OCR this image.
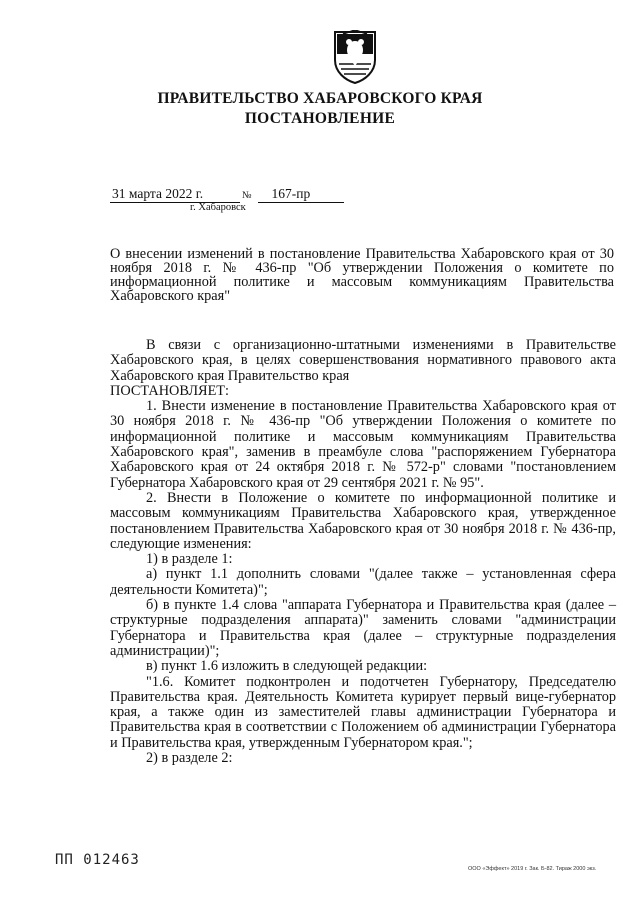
ПРАВИТЕЛЬСТВО ХАБАРОВСКОГО КРАЯ
ПОСТАНОВЛЕНИЕ
31 марта 2022 г.	№ 167-пр
г. Хабаровск
О внесении изменений в постановление Правительства Хабаровского края от 30 ноября 2018 г. № 436-пр "Об утверждении Положения о комитете по информационной политике и массовым коммуникациям Правительства Хабаровского края"

В связи с организационно-штатными изменениями в Правительстве Хабаровского края, в целях совершенствования нормативного правового акта Хабаровского края Правительство края

ПОСТАНОВЛЯЕТ:

1. Внести изменение в постановление Правительства Хабаровского края от 30 ноября 2018 г. № 436-пр "Об утверждении Положения о комитете по информационной политике и массовым коммуникациям Правительства Хабаровского края", заменив в преамбуле слова "распоряжением Губернатора Хабаровского края от 24 октября 2018 г. № 572-р" словами "постановлением Губернатора Хабаровского края от 29 сентября 2021 г. № 95".

2. Внести в Положение о комитете по информационной политике и массовым коммуникациям Правительства Хабаровского края, утвержденное постановлением Правительства Хабаровского края от 30 ноября 2018 г. № 436-пр, следующие изменения:

1) в разделе 1:

а) пункт 1.1 дополнить словами "(далее также – установленная сфера деятельности Комитета)";

б) в пункте 1.4 слова "аппарата Губернатора и Правительства края (далее – структурные подразделения аппарата)" заменить словами "администрации Губернатора и Правительства края (далее – структурные подразделения администрации)";

в) пункт 1.6 изложить в следующей редакции:

"1.6. Комитет подконтролен и подотчетен Губернатору, Председателю Правительства края. Деятельность Комитета курирует первый вице-губернатор края, а также один из заместителей главы администрации Губернатора и Правительства края в соответствии с Положением об администрации Губернатора и Правительства края, утвержденным Губернатором края.";

2) в разделе 2:

ПП 012463
ООО «Эффект» 2019 г. Зак. Б-82. Тираж 2000 экз.
